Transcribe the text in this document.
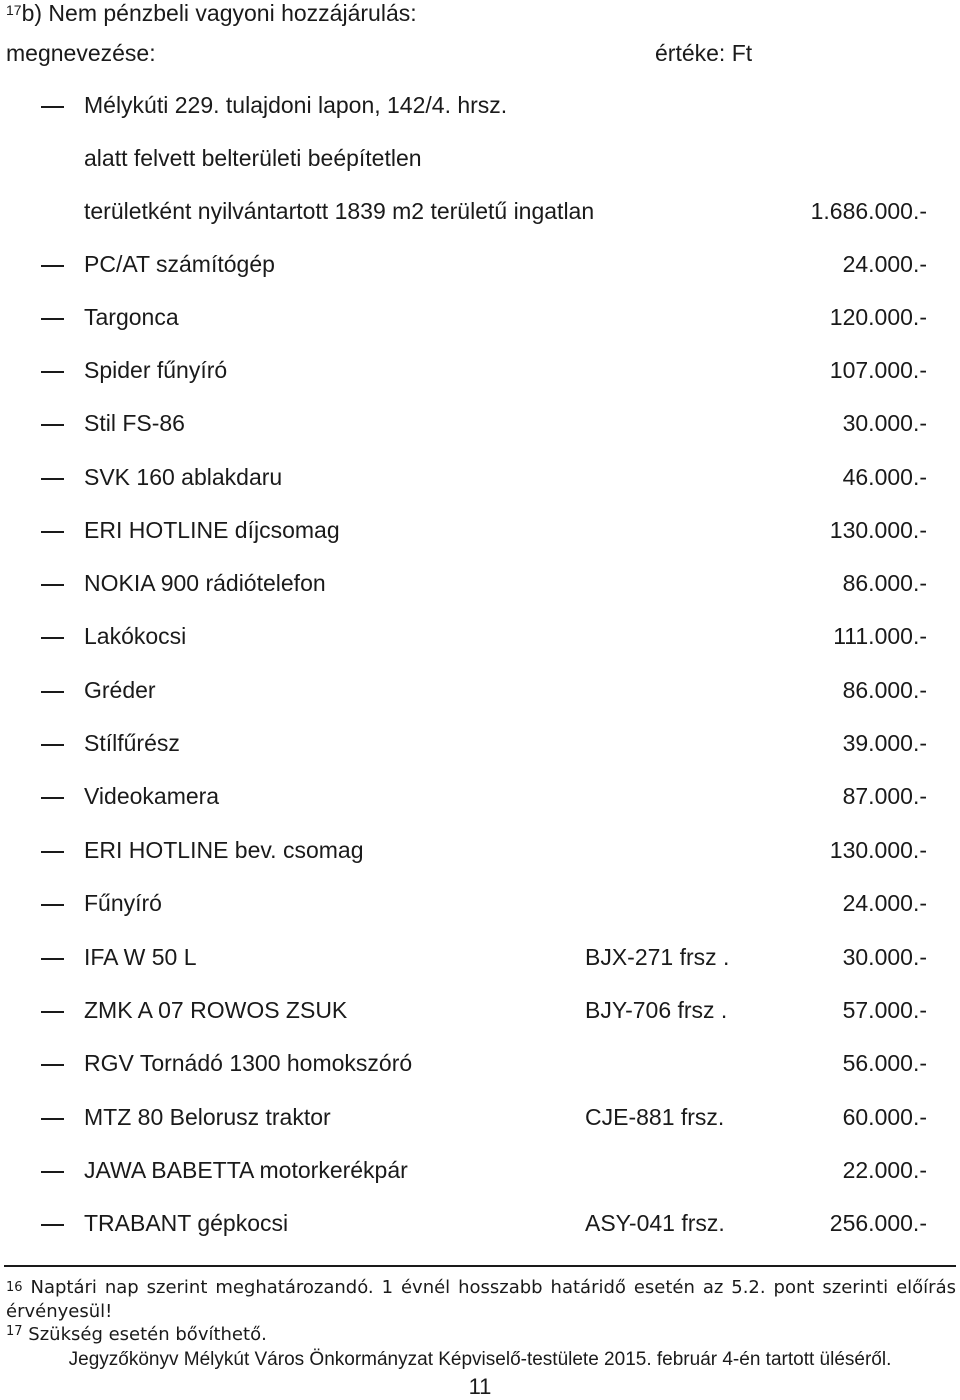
$^{17}$b) Nem pénzbeli vagyoni hozzájárulás:
megnevezése:	értéke: Ft
Mélykúti 229. tulajdoni lapon, 142/4. hrsz.
alatt felvett belterületi beépítetlen
területként nyilvántartott 1839 m2 területű ingatlan	1.686.000.-
PC/AT számítógép	24.000.-
Targonca	120.000.-
Spider fűnyíró	107.000.-
Stil FS-86	30.000.-
SVK 160 ablakdaru	46.000.-
ERI HOTLINE díjcsomag	130.000.-
NOKIA 900 rádiótelefon	86.000.-
Lakókocsi	111.000.-
Gréder	86.000.-
Stílfűrész	39.000.-
Videokamera	87.000.-
ERI HOTLINE bev. csomag	130.000.-
Fűnyíró	24.000.-
IFA W 50 L	BJX-271 frsz .	30.000.-
ZMK A 07 ROWOS ZSUK	BJY-706 frsz .	57.000.-
RGV Tornádó 1300 homokszóró	56.000.-
MTZ 80 Belorusz traktor	CJE-881 frsz.	60.000.-
JAWA BABETTA motorkerékpár	22.000.-
TRABANT gépkocsi	ASY-041 frsz.	256.000.-
$^{16}$ Naptári nap szerint meghatározandó. 1 évnél hosszabb határidő esetén az 5.2. pont szerinti előírás érvényesül!
$^{17}$ Szükség esetén bővíthető.
Jegyzőkönyv Mélykút Város Önkormányzat Képviselő-testülete 2015. február 4-én tartott üléséről.
11
